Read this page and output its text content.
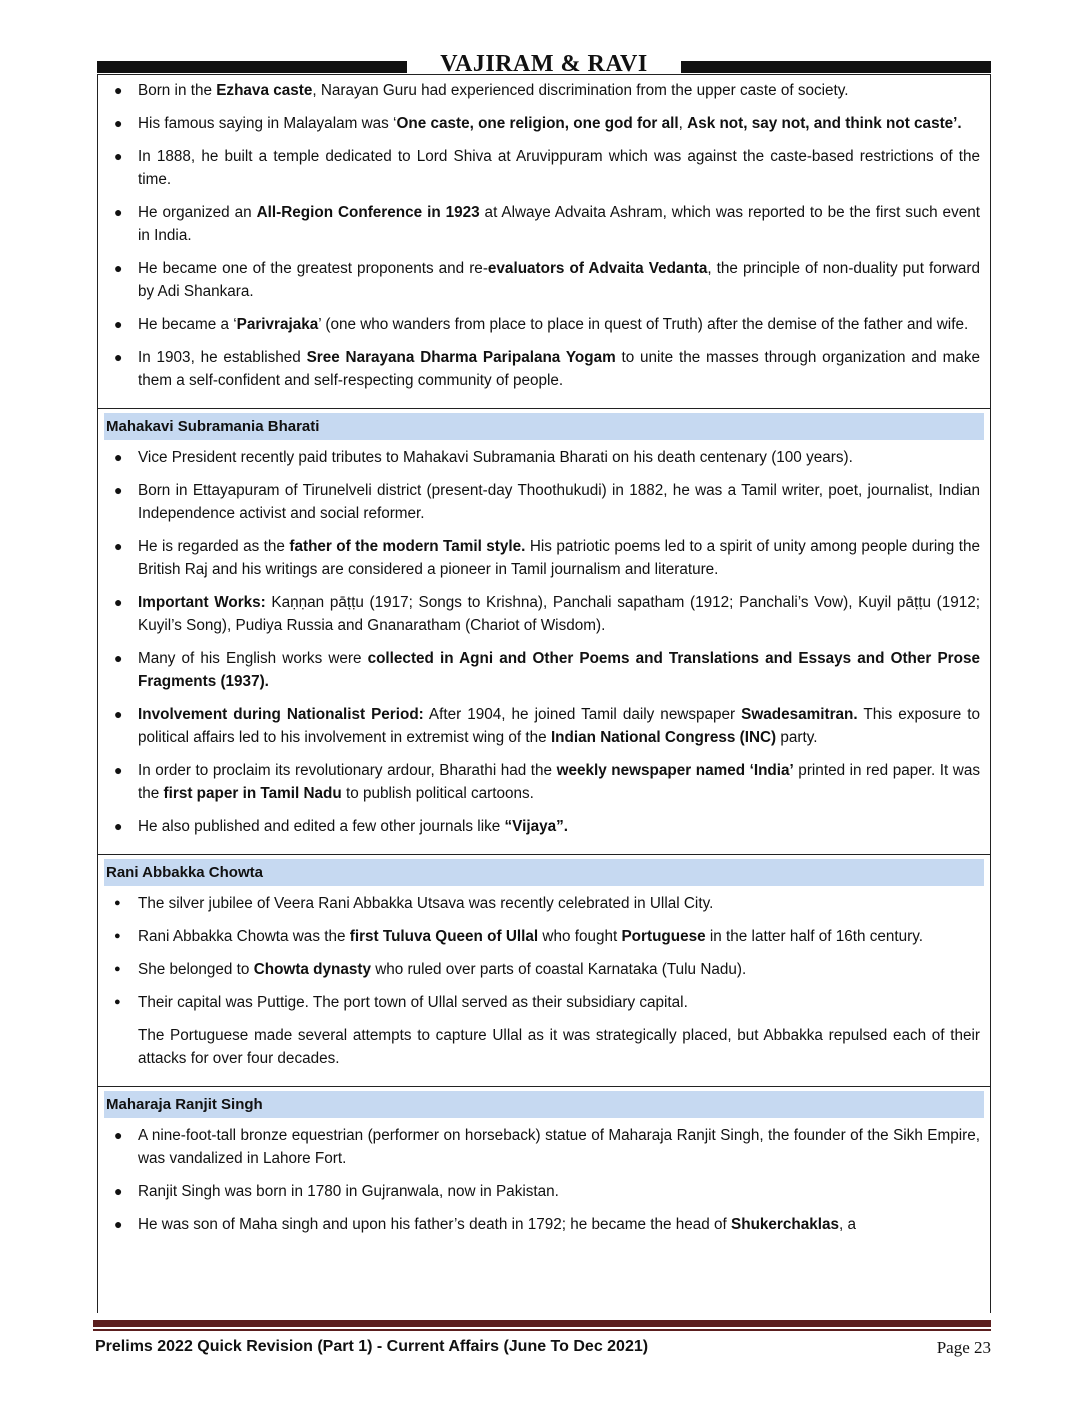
VAJIRAM & RAVI
● Born in the Ezhava caste, Narayan Guru had experienced discrimination from the upper caste of society.
● His famous saying in Malayalam was ‘One caste, one religion, one god for all, Ask not, say not, and think not caste’.
● In 1888, he built a temple dedicated to Lord Shiva at Aruvippuram which was against the caste-based restrictions of the time.
● He organized an All-Region Conference in 1923 at Alwaye Advaita Ashram, which was reported to be the first such event in India.
● He became one of the greatest proponents and re-evaluators of Advaita Vedanta, the principle of non-duality put forward by Adi Shankara.
● He became a ‘Parivrajaka’ (one who wanders from place to place in quest of Truth) after the demise of the father and wife.
● In 1903, he established Sree Narayana Dharma Paripalana Yogam to unite the masses through organization and make them a self-confident and self-respecting community of people.
Mahakavi Subramania Bharati
● Vice President recently paid tributes to Mahakavi Subramania Bharati on his death centenary (100 years).
● Born in Ettayapuram of Tirunelveli district (present-day Thoothukudi) in 1882, he was a Tamil writer, poet, journalist, Indian Independence activist and social reformer.
● He is regarded as the father of the modern Tamil style. His patriotic poems led to a spirit of unity among people during the British Raj and his writings are considered a pioneer in Tamil journalism and literature.
● Important Works: Kaṇṇan pāṭṭu (1917; Songs to Krishna), Panchali sapatham (1912; Panchali’s Vow), Kuyil pāṭṭu (1912; Kuyil’s Song), Pudiya Russia and Gnanaratham (Chariot of Wisdom).
● Many of his English works were collected in Agni and Other Poems and Translations and Essays and Other Prose Fragments (1937).
● Involvement during Nationalist Period: After 1904, he joined Tamil daily newspaper Swadesamitran. This exposure to political affairs led to his involvement in extremist wing of the Indian National Congress (INC) party.
● In order to proclaim its revolutionary ardour, Bharathi had the weekly newspaper named ‘India’ printed in red paper. It was the first paper in Tamil Nadu to publish political cartoons.
● He also published and edited a few other journals like “Vijaya”.
Rani Abbakka Chowta
● The silver jubilee of Veera Rani Abbakka Utsava was recently celebrated in Ullal City.
● Rani Abbakka Chowta was the first Tuluva Queen of Ullal who fought Portuguese in the latter half of 16th century.
● She belonged to Chowta dynasty who ruled over parts of coastal Karnataka (Tulu Nadu).
● Their capital was Puttige. The port town of Ullal served as their subsidiary capital.
The Portuguese made several attempts to capture Ullal as it was strategically placed, but Abbakka repulsed each of their attacks for over four decades.
Maharaja Ranjit Singh
● A nine-foot-tall bronze equestrian (performer on horseback) statue of Maharaja Ranjit Singh, the founder of the Sikh Empire, was vandalized in Lahore Fort.
● Ranjit Singh was born in 1780 in Gujranwala, now in Pakistan.
● He was son of Maha singh and upon his father’s death in 1792; he became the head of Shukerchaklas, a
Prelims 2022 Quick Revision (Part 1) - Current Affairs (June To Dec 2021)	Page 23
